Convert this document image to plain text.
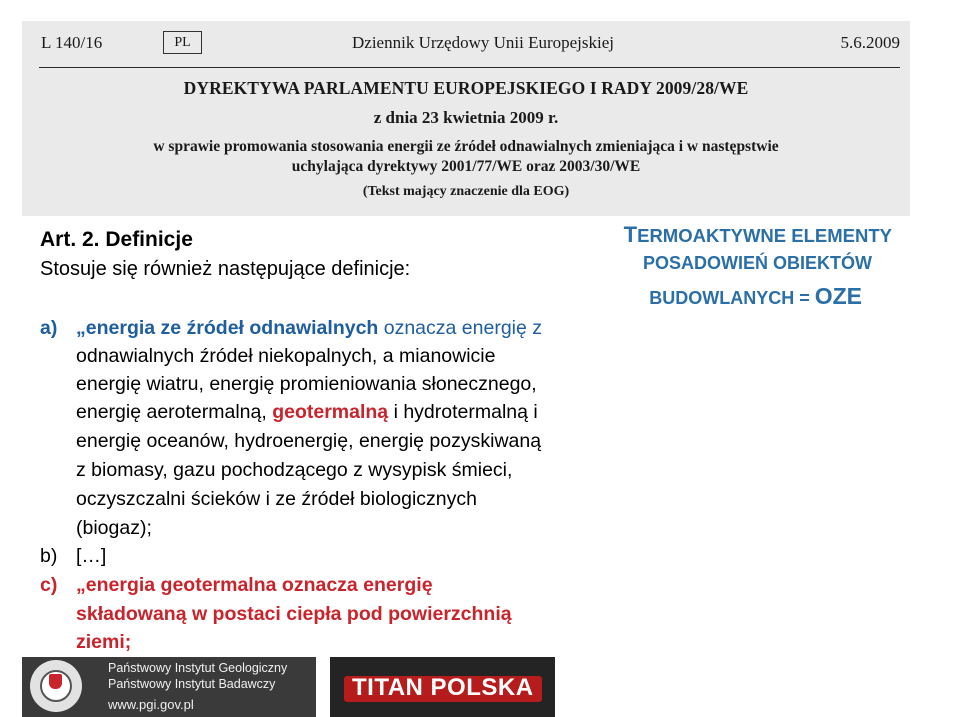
L 140/16	PL	Dziennik Urzędowy Unii Europejskiej	5.6.2009
DYREKTYWA PARLAMENTU EUROPEJSKIEGO I RADY 2009/28/WE
z dnia 23 kwietnia 2009 r.
w sprawie promowania stosowania energii ze źródeł odnawialnych zmieniająca i w następstwie
uchylająca dyrektywy 2001/77/WE oraz 2003/30/WE
(Tekst mający znaczenie dla EOG)
TERMOAKTYWNE ELEMENTY
POSADOWIEŃ OBIEKTÓW
BUDOWLANYCH = OZE
Art. 2. Definicje
Stosuje się również następujące definicje:
a) „energia ze źródeł odnawialnych oznacza energię z
odnawialnych źródeł niekopalnych, a mianowicie
energię wiatru, energię promieniowania słonecznego,
energię aerotermalną, geotermalną i hydrotermalną i
energię oceanów, hydroenergię, energię pozyskiwaną
z biomasy, gazu pochodzącego z wysypisk śmieci,
oczyszczalni ścieków i ze źródeł biologicznych
(biogaz);
b) […]
c) „energia geotermalna oznacza energię
składowaną w postaci ciepła pod powierzchnią
ziemi;
Państwowy Instytut Geologiczny
Państwowy Instytut Badawczy
www.pgi.gov.pl
TITAN POLSKA
